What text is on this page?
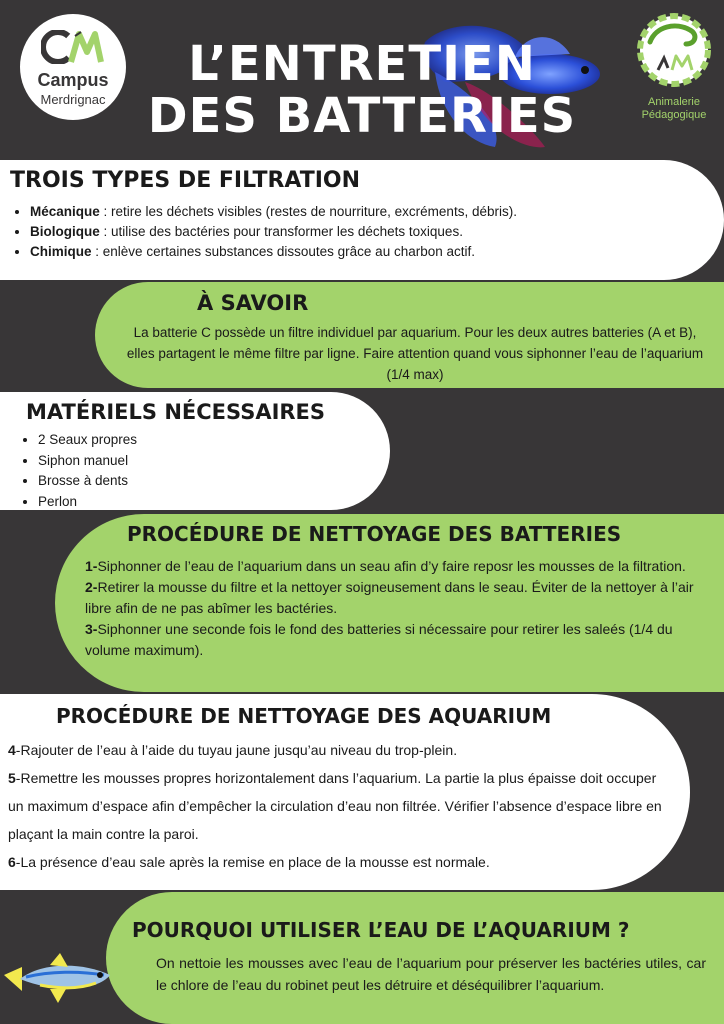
Campus
Merdrignac
L’ENTRETIEN
DES BATTERIES	Animalerie
Pédagogique
TROIS TYPES DE FILTRATION
• Mécanique : retire les déchets visibles (restes de nourriture, excréments, débris).
• Biologique : utilise des bactéries pour transformer les déchets toxiques.
• Chimique : enlève certaines substances dissoutes grâce au charbon actif.
À SAVOIR

La batterie C possède un filtre individuel par aquarium. Pour les deux autres batteries (A et B), elles partagent le même filtre par ligne. Faire attention quand vous siphonner l’eau de l’aquarium (1/4 max)

MATÉRIELS NÉCESSAIRES
• 2 Seaux propres
• Siphon manuel
• Brosse à dents
• Perlon
PROCÉDURE DE NETTOYAGE DES BATTERIES

1-Siphonner de l’eau de l’aquarium dans un seau afin d’y faire reposr les mousses de la filtration.

2-Retirer la mousse du filtre et la nettoyer soigneusement dans le seau. Éviter de la nettoyer à l’air libre afin de ne pas abîmer les bactéries.

3-Siphonner une seconde fois le fond des batteries si nécessaire pour retirer les saleés (1/4 du volume maximum).

PROCÉDURE DE NETTOYAGE DES AQUARIUM

4-Rajouter de l’eau à l’aide du tuyau jaune jusqu’au niveau du trop-plein.

5-Remettre les mousses propres horizontalement dans l’aquarium. La partie la plus épaisse doit occuper un maximum d’espace afin d’empêcher la circulation d’eau non filtrée. Vérifier l’absence d’espace libre en plaçant la main contre la paroi.

6-La présence d’eau sale après la remise en place de la mousse est normale.

POURQUOI UTILISER L’EAU DE L’AQUARIUM ?

On nettoie les mousses avec l’eau de l’aquarium pour préserver les bactéries utiles, car le chlore de l’eau du robinet peut les détruire et déséquilibrer l’aquarium.
